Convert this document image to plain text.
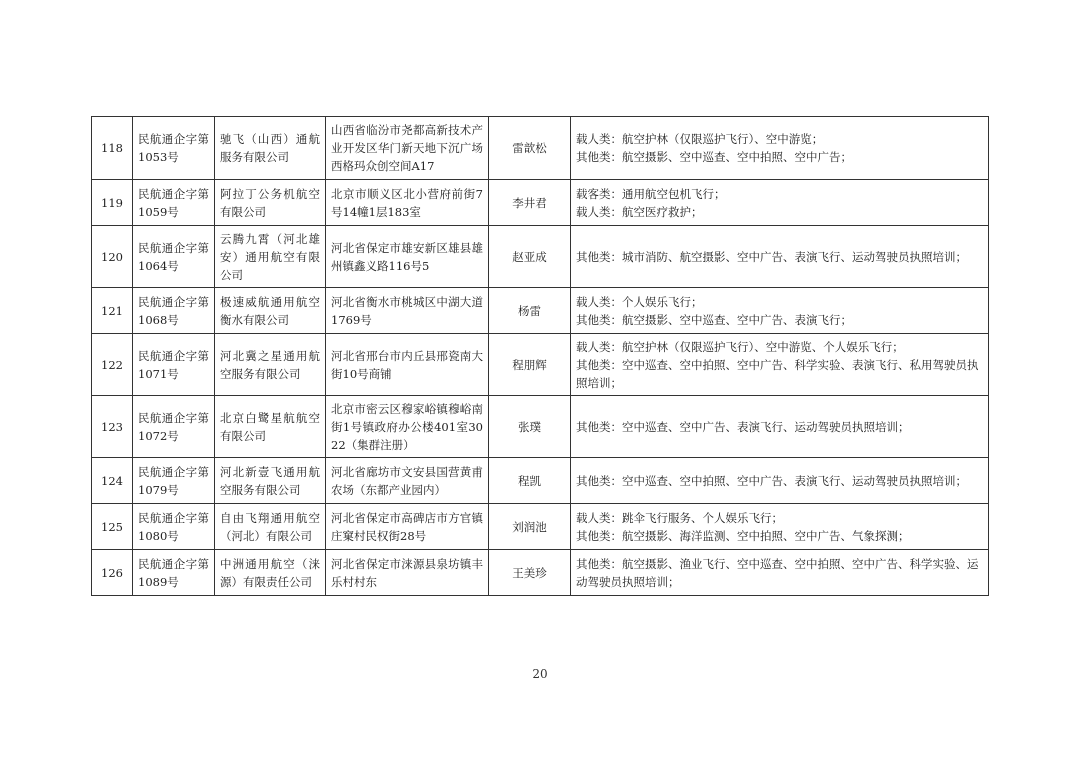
118	民航通企字第1053号	驰飞（山西）通航服务有限公司	山西省临汾市尧都高新技术产业开发区华门新天地下沉广场西格玛众创空间A17	雷歆松	载人类：航空护林（仅限巡护飞行）、空中游览；
其他类：航空摄影、空中巡查、空中拍照、空中广告；

119	民航通企字第1059号	阿拉丁公务机航空有限公司	北京市顺义区北小营府前街7号14幢1层183室	李井君	载客类：通用航空包机飞行；
载人类：航空医疗救护；

120	民航通企字第1064号	云腾九霄（河北雄安）通用航空有限公司	河北省保定市雄安新区雄县雄州镇鑫义路116号5	赵亚成	其他类：城市消防、航空摄影、空中广告、表演飞行、运动驾驶员执照培训；

121	民航通企字第1068号	极速威航通用航空衡水有限公司	河北省衡水市桃城区中湖大道1769号	杨雷	载人类：个人娱乐飞行；
其他类：航空摄影、空中巡查、空中广告、表演飞行；

122	民航通企字第1071号	河北冀之星通用航空服务有限公司	河北省邢台市内丘县邢瓷南大街10号商铺	程朋辉	载人类：航空护林（仅限巡护飞行）、空中游览、个人娱乐飞行；
其他类：空中巡查、空中拍照、空中广告、科学实验、表演飞行、私用驾驶员执照培训；

123	民航通企字第1072号	北京白鹭星航航空有限公司	北京市密云区穆家峪镇穆峪南街1号镇政府办公楼401室3022（集群注册）	张璞	其他类：空中巡查、空中广告、表演飞行、运动驾驶员执照培训；

124	民航通企字第1079号	河北新壹飞通用航空服务有限公司	河北省廊坊市文安县国营黄甫农场（东都产业园内）	程凯	其他类：空中巡查、空中拍照、空中广告、表演飞行、运动驾驶员执照培训；

125	民航通企字第1080号	自由飞翔通用航空（河北）有限公司	河北省保定市高碑店市方官镇庄窠村民权街28号	刘润池	载人类：跳伞飞行服务、个人娱乐飞行；
其他类：航空摄影、海洋监测、空中拍照、空中广告、气象探测；

126	民航通企字第1089号	中洲通用航空（涞源）有限责任公司	河北省保定市涞源县泉坊镇丰乐村村东	王美珍	其他类：航空摄影、渔业飞行、空中巡查、空中拍照、空中广告、科学实验、运动驾驶员执照培训；
20
